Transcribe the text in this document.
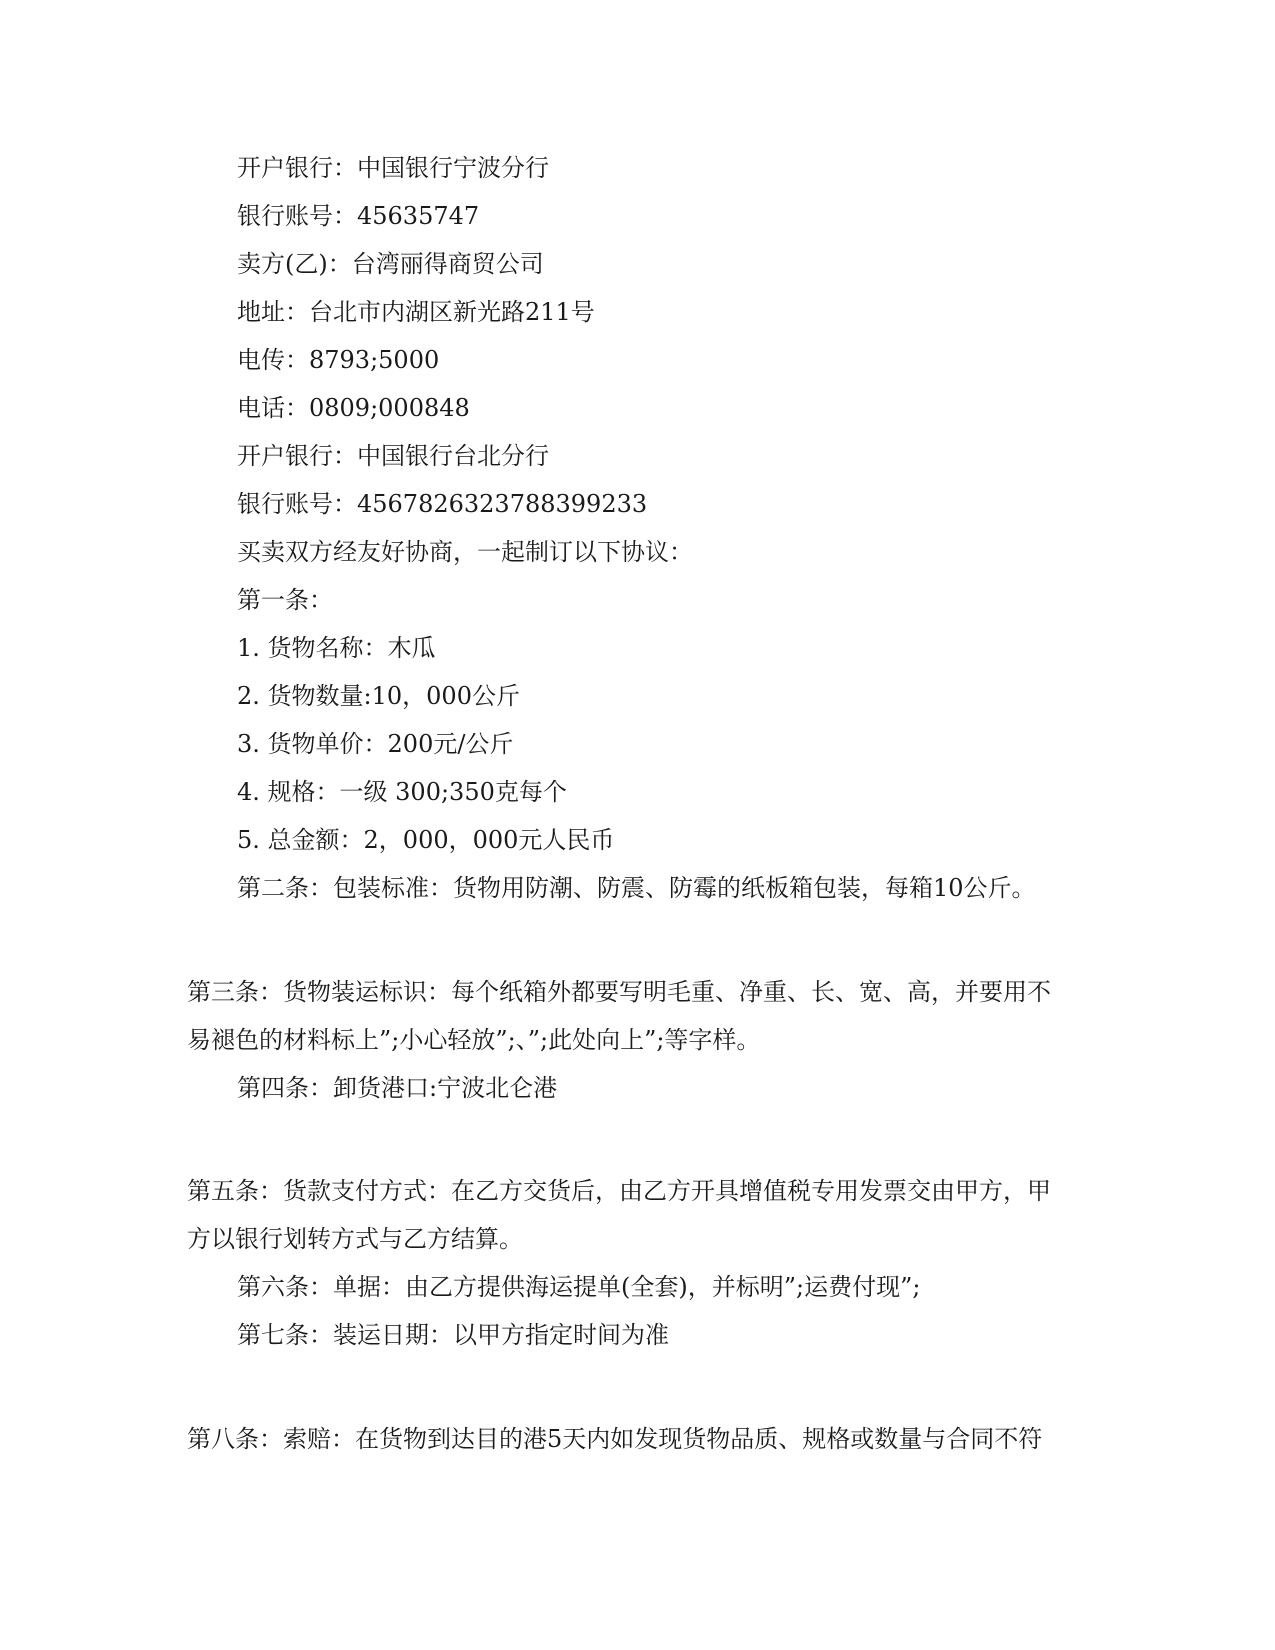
开户银行：中国银行宁波分行
银行账号：45635747
卖方(乙)：台湾丽得商贸公司
地址：台北市内湖区新光路211号
电传：8793;5000
电话：0809;000848
开户银行：中国银行台北分行
银行账号：4567826323788399233
买卖双方经友好协商，一起制订以下协议：
第一条：
1. 货物名称：木瓜
2. 货物数量:10，000公斤
3. 货物单价：200元/公斤
4. 规格：一级 300;350克每个
5. 总金额：2，000，000元人民币
第二条：包装标准：货物用防潮、防震、防霉的纸板箱包装，每箱10公斤。
第三条：货物装运标识：每个纸箱外都要写明毛重、净重、长、宽、高，并要用不
易褪色的材料标上”;小心轻放”;、”;此处向上”;等字样。
第四条：卸货港口:宁波北仑港
第五条：货款支付方式：在乙方交货后，由乙方开具增值税专用发票交由甲方，甲
方以银行划转方式与乙方结算。
第六条：单据：由乙方提供海运提单(全套)，并标明”;运费付现”;
第七条：装运日期：以甲方指定时间为准
第八条：索赔：在货物到达目的港5天内如发现货物品质、规格或数量与合同不符
